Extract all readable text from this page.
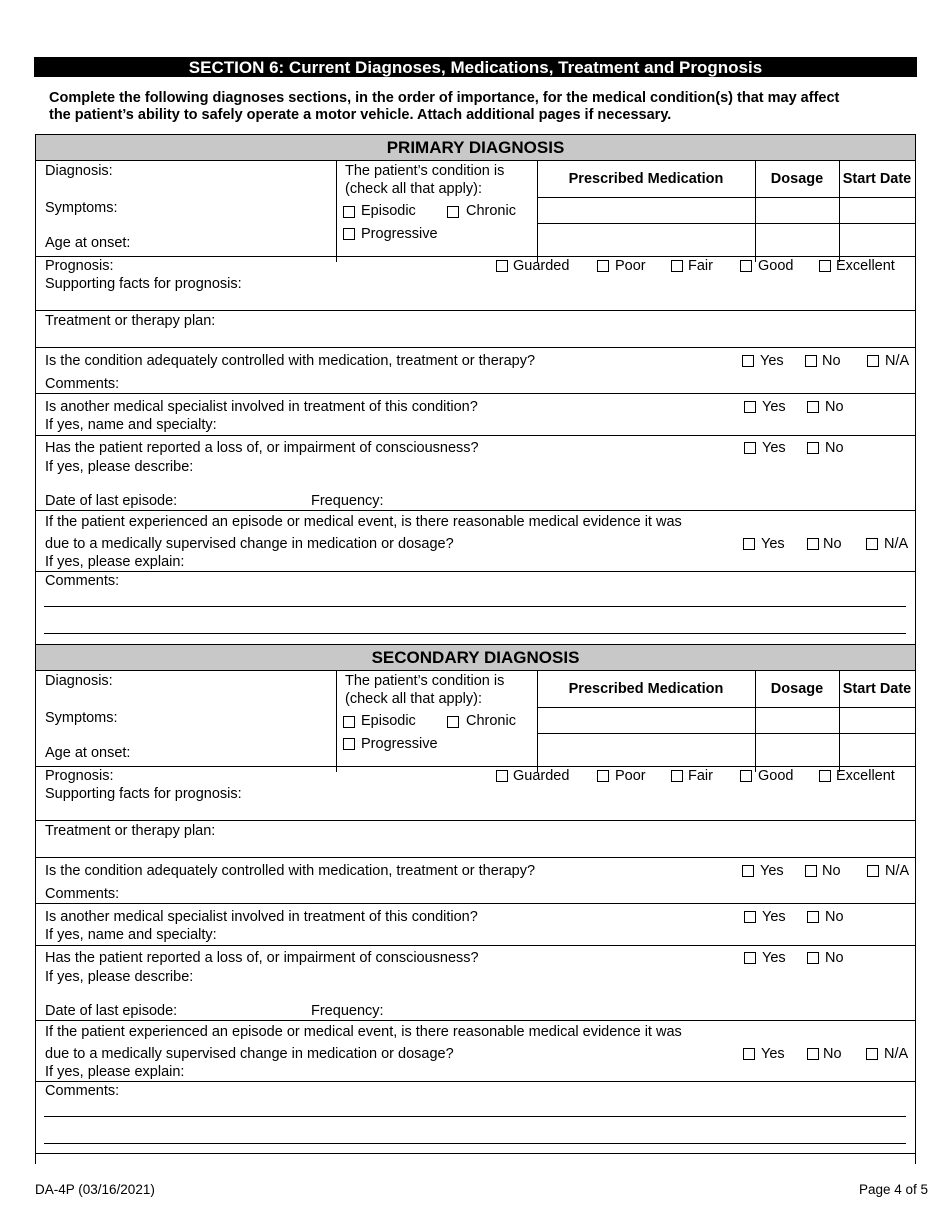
SECTION 6: Current Diagnoses, Medications, Treatment and Prognosis
Complete the following diagnoses sections, in the order of importance, for the medical condition(s) that may affect
the patient’s ability to safely operate a motor vehicle. Attach additional pages if necessary.
PRIMARY DIAGNOSIS
Diagnosis:
Symptoms:
Age at onset:
The patient’s condition is
(check all that apply):
Episodic	Chronic
Progressive
Prescribed Medication	Dosage	Start Date
Prognosis:
Supporting facts for prognosis:
Guarded	Poor	Fair	Good	Excellent
Treatment or therapy plan:
Is the condition adequately controlled with medication, treatment or therapy?
Comments:
Yes	No	N/A
Is another medical specialist involved in treatment of this condition?
If yes, name and specialty:
Yes	No
Has the patient reported a loss of, or impairment of consciousness?
If yes, please describe:
Date of last episode:	Frequency:
Yes	No
If the patient experienced an episode or medical event, is there reasonable medical evidence it was
due to a medically supervised change in medication or dosage?
If yes, please explain:
Yes	No	N/A
Comments:
SECONDARY DIAGNOSIS
Diagnosis:
Symptoms:
Age at onset:
The patient’s condition is
(check all that apply):
Episodic	Chronic
Progressive
Prescribed Medication	Dosage	Start Date
Prognosis:
Supporting facts for prognosis:
Guarded	Poor	Fair	Good	Excellent
Treatment or therapy plan:
Is the condition adequately controlled with medication, treatment or therapy?
Comments:
Yes	No	N/A
Is another medical specialist involved in treatment of this condition?
If yes, name and specialty:
Yes	No
Has the patient reported a loss of, or impairment of consciousness?
If yes, please describe:
Date of last episode:	Frequency:
Yes	No
If the patient experienced an episode or medical event, is there reasonable medical evidence it was
due to a medically supervised change in medication or dosage?
If yes, please explain:
Yes	No	N/A
Comments:
DA-4P (03/16/2021)	Page 4 of 5
